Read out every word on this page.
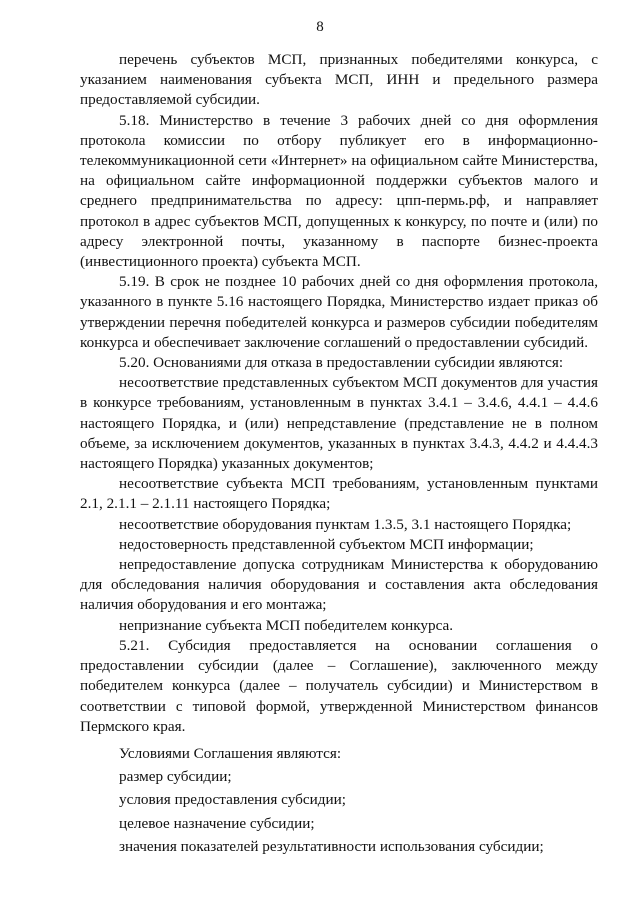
8

перечень субъектов МСП, признанных победителями конкурса, с указанием наименования субъекта МСП, ИНН и предельного размера предоставляемой субсидии.

5.18. Министерство в течение 3 рабочих дней со дня оформления протокола комиссии по отбору публикует его в информационно-телекоммуникационной сети «Интернет» на официальном сайте Министерства, на официальном сайте информационной поддержки субъектов малого и среднего предпринимательства по адресу: цпп-пермь.рф, и направляет протокол в адрес субъектов МСП, допущенных к конкурсу, по почте и (или) по адресу электронной почты, указанному в паспорте бизнес-проекта (инвестиционного проекта) субъекта МСП.

5.19. В срок не позднее 10 рабочих дней со дня оформления протокола, указанного в пункте 5.16 настоящего Порядка, Министерство издает приказ об утверждении перечня победителей конкурса и размеров субсидии победителям конкурса и обеспечивает заключение соглашений о предоставлении субсидий.

5.20. Основаниями для отказа в предоставлении субсидии являются:

несоответствие представленных субъектом МСП документов для участия в конкурсе требованиям, установленным в пунктах 3.4.1 – 3.4.6, 4.4.1 – 4.4.6 настоящего Порядка, и (или) непредставление (представление не в полном объеме, за исключением документов, указанных в пунктах 3.4.3, 4.4.2 и 4.4.4.3 настоящего Порядка) указанных документов;

несоответствие субъекта МСП требованиям, установленным пунктами 2.1, 2.1.1 – 2.1.11 настоящего Порядка;

несоответствие оборудования пунктам 1.3.5, 3.1 настоящего Порядка;

недостоверность представленной субъектом МСП информации;

непредоставление допуска сотрудникам Министерства к оборудованию для обследования наличия оборудования и составления акта обследования наличия оборудования и его монтажа;

непризнание субъекта МСП победителем конкурса.

5.21. Субсидия предоставляется на основании соглашения о предоставлении субсидии (далее – Соглашение), заключенного между победителем конкурса (далее – получатель субсидии) и Министерством в соответствии с типовой формой, утвержденной Министерством финансов Пермского края.

Условиями Соглашения являются:

размер субсидии;

условия предоставления субсидии;

целевое назначение субсидии;

значения показателей результативности использования субсидии;
